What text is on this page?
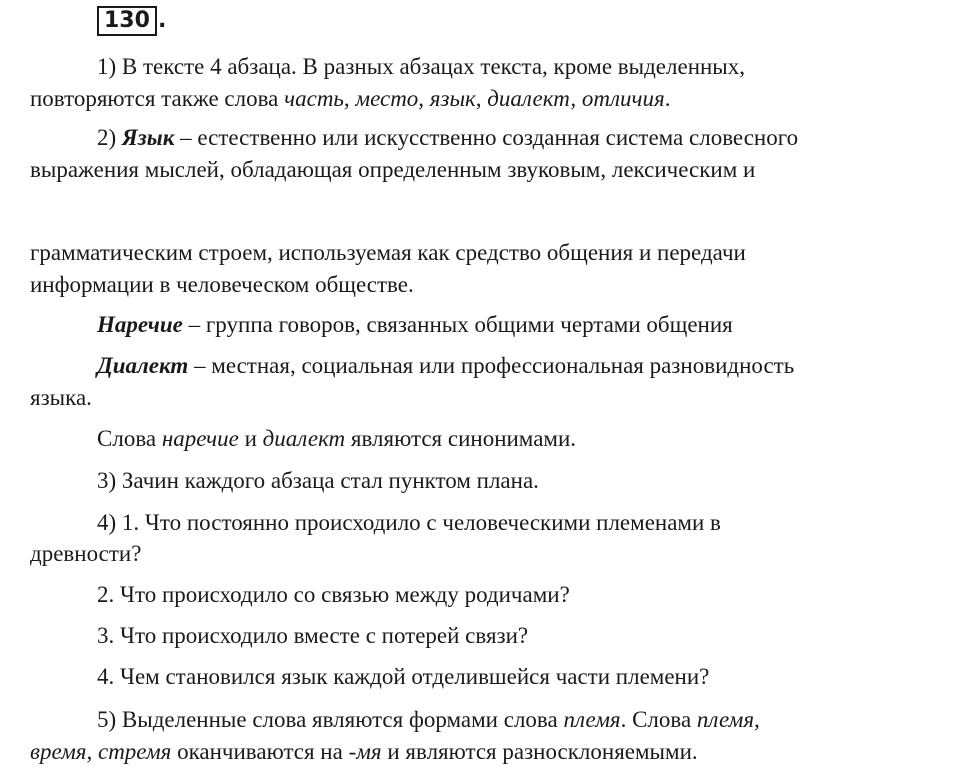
130 .
1) В тексте 4 абзаца. В разных абзацах текста, кроме выделенных,
повторяются также слова часть, место, язык, диалект, отличия.
2) Язык – естественно или искусственно созданная система словесного
выражения мыслей, обладающая определенным звуковым, лексическим и
грамматическим строем, используемая как средство общения и передачи
информации в человеческом обществе.
Наречие – группа говоров, связанных общими чертами общения
Диалект – местная, социальная или профессиональная разновидность
языка.
Слова наречие и диалект являются синонимами.
3) Зачин каждого абзаца стал пунктом плана.
4) 1. Что постоянно происходило с человеческими племенами в
древности?
2. Что происходило со связью между родичами?
3. Что происходило вместе с потерей связи?
4. Чем становился язык каждой отделившейся части племени?
5) Выделенные слова являются формами слова племя. Слова племя,
время, стремя оканчиваются на -мя и являются разносклоняемыми.
